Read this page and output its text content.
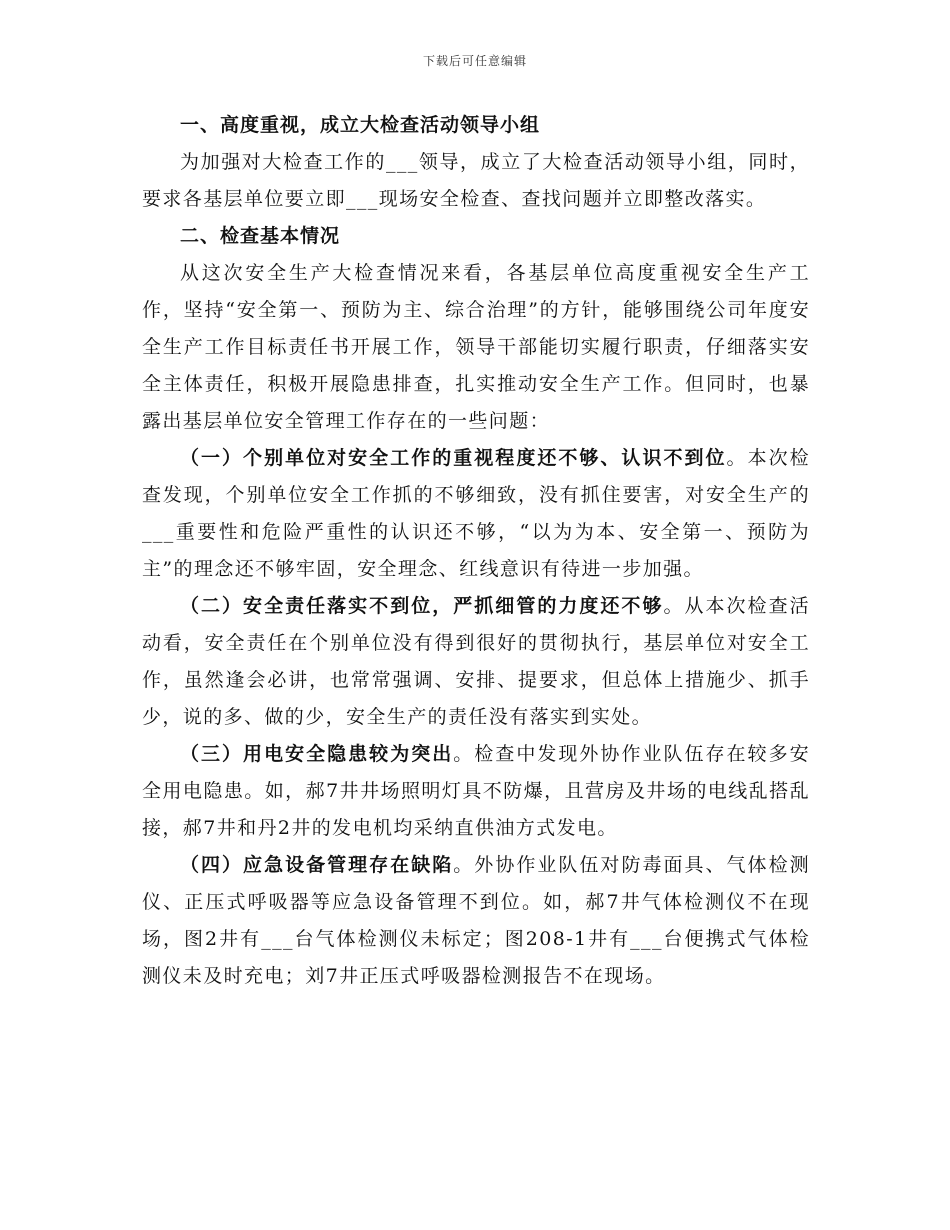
下载后可任意编辑

一、高度重视，成立大检查活动领导小组

为加强对大检查工作的___领导，成立了大检查活动领导小组，同时，要求各基层单位要立即___现场安全检查、查找问题并立即整改落实。

二、检查基本情况

从这次安全生产大检查情况来看，各基层单位高度重视安全生产工作，坚持“安全第一、预防为主、综合治理”的方针，能够围绕公司年度安全生产工作目标责任书开展工作，领导干部能切实履行职责，仔细落实安全主体责任，积极开展隐患排查，扎实推动安全生产工作。但同时，也暴露出基层单位安全管理工作存在的一些问题：

（一）个别单位对安全工作的重视程度还不够、认识不到位。本次检查发现，个别单位安全工作抓的不够细致，没有抓住要害，对安全生产的___重要性和危险严重性的认识还不够，“以为为本、安全第一、预防为主”的理念还不够牢固，安全理念、红线意识有待进一步加强。

（二）安全责任落实不到位，严抓细管的力度还不够。从本次检查活动看，安全责任在个别单位没有得到很好的贯彻执行，基层单位对安全工作，虽然逢会必讲，也常常强调、安排、提要求，但总体上措施少、抓手少，说的多、做的少，安全生产的责任没有落实到实处。

（三）用电安全隐患较为突出。检查中发现外协作业队伍存在较多安全用电隐患。如，郝7井井场照明灯具不防爆，且营房及井场的电线乱搭乱接，郝7井和丹2井的发电机均采纳直供油方式发电。

（四）应急设备管理存在缺陷。外协作业队伍对防毒面具、气体检测仪、正压式呼吸器等应急设备管理不到位。如，郝7井气体检测仪不在现场，图2井有___台气体检测仪未标定；图208-1井有___台便携式气体检测仪未及时充电；刘7井正压式呼吸器检测报告不在现场。
